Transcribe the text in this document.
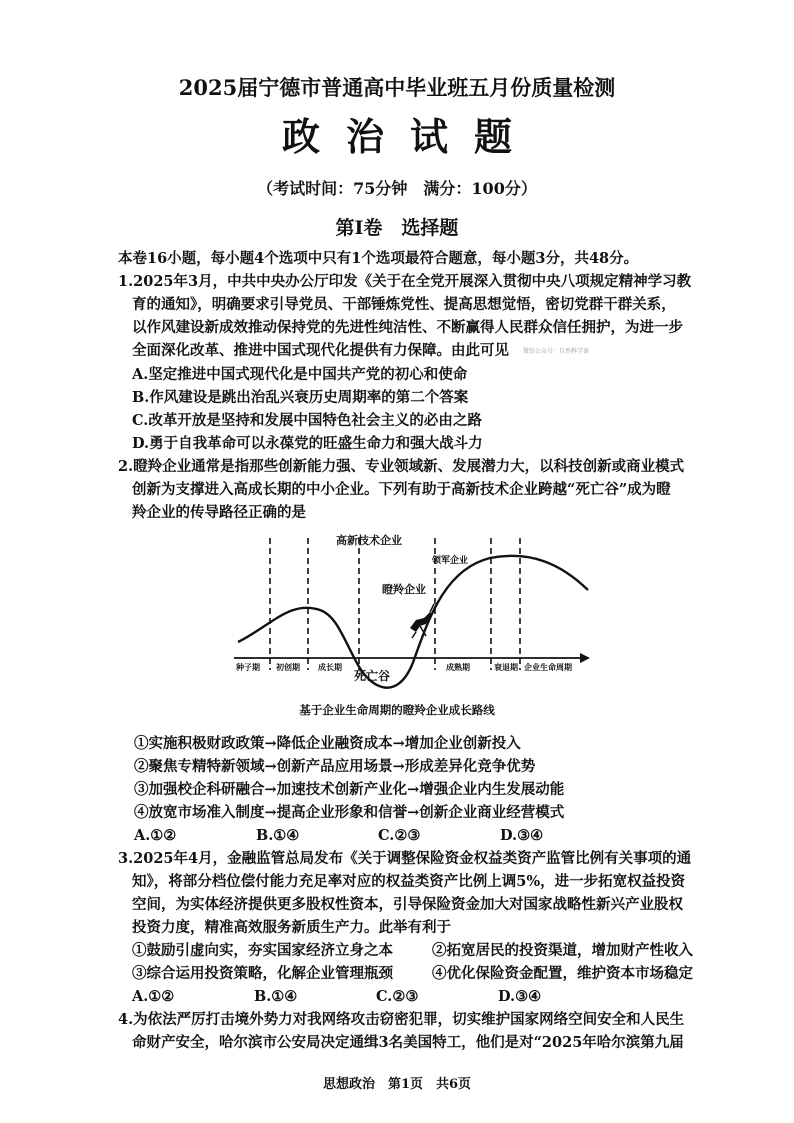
2025届宁德市普通高中毕业班五月份质量检测
政治试题
（考试时间：75分钟　满分：100分）
第Ⅰ卷　选择题
本卷16小题，每小题4个选项中只有1个选项最符合题意，每小题3分，共48分。
1.2025年3月，中共中央办公厅印发《关于在全党开展深入贯彻中央八项规定精神学习教
育的通知》，明确要求引导党员、干部锤炼党性、提高思想觉悟，密切党群干群关系，
以作风建设新成效推动保持党的先进性纯洁性、不断赢得人民群众信任拥护，为进一步
全面深化改革、推进中国式现代化提供有力保障。由此可见 微信公众号：自然科学备
A.坚定推进中国式现代化是中国共产党的初心和使命
B.作风建设是跳出治乱兴衰历史周期率的第二个答案
C.改革开放是坚持和发展中国特色社会主义的必由之路
D.勇于自我革命可以永葆党的旺盛生命力和强大战斗力
2.瞪羚企业通常是指那些创新能力强、专业领域新、发展潜力大，以科技创新或商业模式
创新为支撑进入高成长期的中小企业。下列有助于高新技术企业跨越“死亡谷”成为瞪
羚企业的传导路径正确的是
高新技术企业
瞪羚企业
领军企业
死亡谷
种子期 初创期 成长期	成熟期	衰退期 企业生命周期
基于企业生命周期的瞪羚企业成长路线
①实施积极财政政策→降低企业融资成本→增加企业创新投入
②聚焦专精特新领域→创新产品应用场景→形成差异化竞争优势
③加强校企科研融合→加速技术创新产业化→增强企业内生发展动能
④放宽市场准入制度→提高企业形象和信誉→创新企业商业经营模式
A.①②	B.①④	C.②③	D.③④
3.2025年4月，金融监管总局发布《关于调整保险资金权益类资产监管比例有关事项的通
知》，将部分档位偿付能力充足率对应的权益类资产比例上调5%，进一步拓宽权益投资
空间，为实体经济提供更多股权性资本，引导保险资金加大对国家战略性新兴产业股权
投资力度，精准高效服务新质生产力。此举有利于
①鼓励引虚向实，夯实国家经济立身之本	②拓宽居民的投资渠道，增加财产性收入
③综合运用投资策略，化解企业管理瓶颈	④优化保险资金配置，维护资本市场稳定
A.①②	B.①④	C.②③	D.③④
4.为依法严厉打击境外势力对我网络攻击窃密犯罪，切实维护国家网络空间安全和人民生
命财产安全，哈尔滨市公安局决定通缉3名美国特工，他们是对“2025年哈尔滨第九届
思想政治　第1页　共6页
